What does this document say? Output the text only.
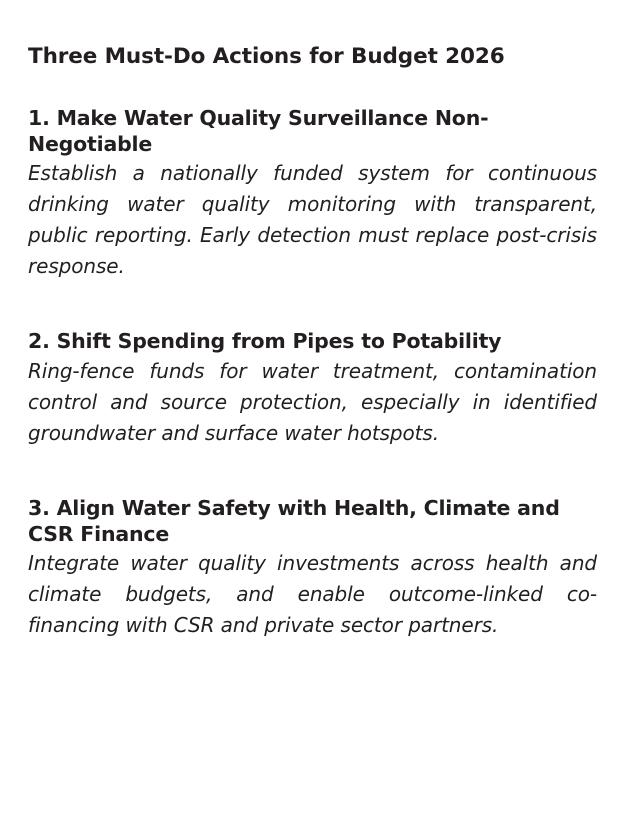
Three Must-Do Actions for Budget 2026
1. Make Water Quality Surveillance Non-Negotiable

Establish a nationally funded system for continuous drinking water quality monitoring with transparent, public reporting. Early detection must replace post-crisis response.

2. Shift Spending from Pipes to Potability

Ring-fence funds for water treatment, contamination control and source protection, especially in identified groundwater and surface water hotspots.

3. Align Water Safety with Health, Climate and CSR Finance

Integrate water quality investments across health and climate budgets, and enable outcome-linked co-financing with CSR and private sector partners.
